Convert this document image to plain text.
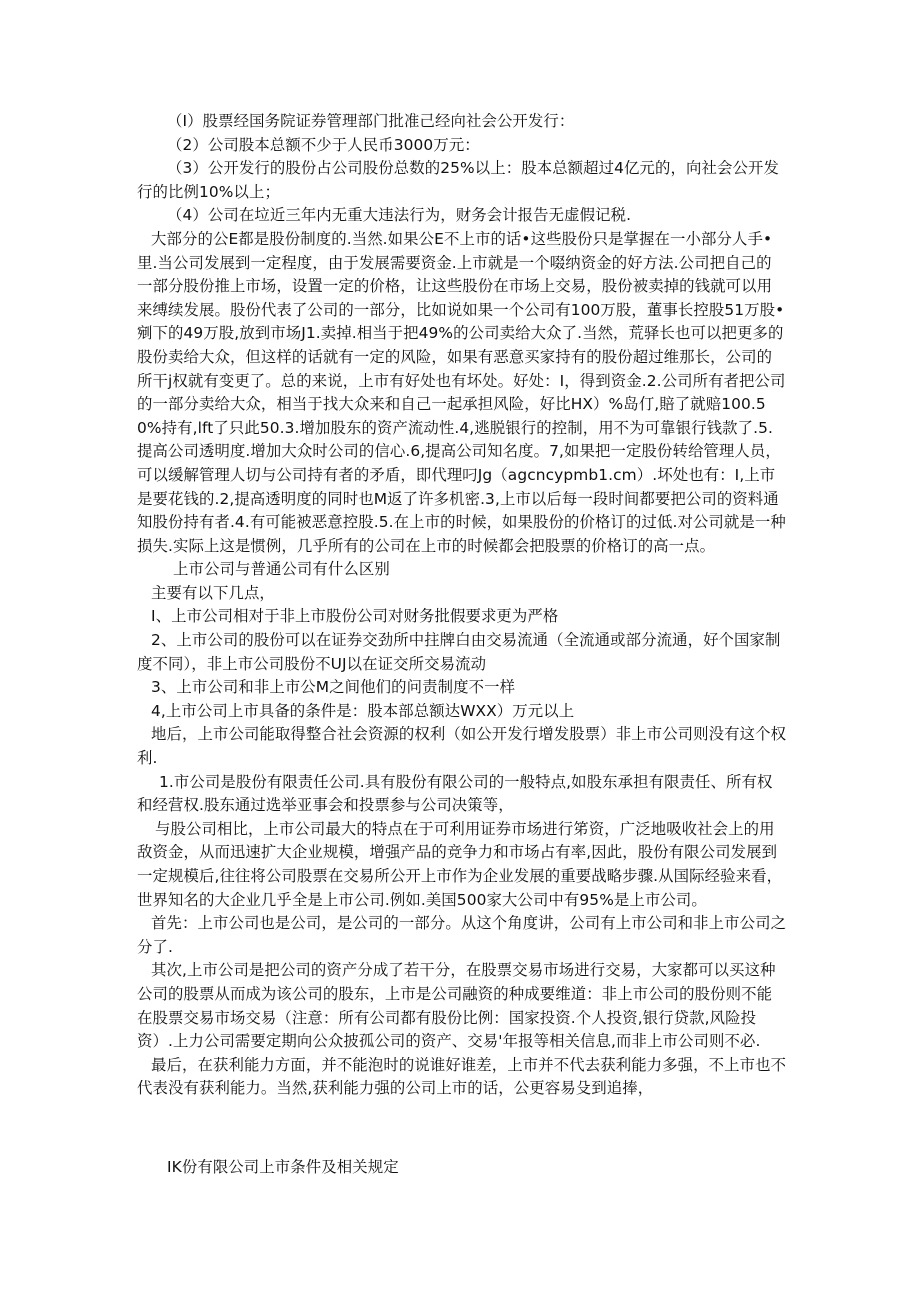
（I）股票经国务院证券管理部门批准己经向社会公开发行：

（2）公司股本总额不少于人民币3000万元：

（3）公开发行的股份占公司股份总数的25%以上：股本总额超过4亿元的，向社会公开发行的比例10%以上；

（4）公司在垃近三年内无重大违法行为，财务会计报告无虚假记税.

大部分的公E都是股份制度的.当然.如果公E不上市的话•这些股份只是掌握在一小部分人手•里.当公司发展到一定程度，由于发展需要资金.上市就是一个啜纳资金的好方法.公司把自己的一部分股份推上市场，设置一定的价格，让这些股份在市场上交易，股份被卖掉的钱就可以用来缚续发展。股份代表了公司的一部分，比如说如果一个公司有100万股，董事长控股51万股•剜下的49万股,放到市场J1.卖掉.相当于把49%的公司卖给大众了.当然，荒驿长也可以把更多的股份卖给大众，但这样的话就有一定的风险，如果有恶意买家持有的股份超过维那长，公司的所干j权就有变更了。总的来说，上市有好处也有坏处。好处：I，得到资金.2.公司所有者把公司的一部分卖给大众，相当于找大众来和自己一起承担风险，好比HX）%岛仃,賠了就赔100.50%持有,lft了只此50.3.增加股东的资产流动性.4,逃脱银行的控制，用不为可靠银行钱款了.5.提高公司透明度.增加大众时公司的信心.6,提高公司知名度。7,如果把一定股份转给管理人员，可以缓解管理人切与公司持有者的矛盾，即代理叼Jg（agcncypmb1.cm）.坏处也有：I,上市是要花钱的.2,提高透明度的同时也M返了许多机密.3,上市以后每一段时间都要把公司的资料通知股份持有者.4.有可能被恶意控股.5.在上市的时候，如果股份的价格订的过低.对公司就是一种损失.实际上这是惯例，几乎所有的公司在上市的时候都会把股票的价格订的高一点。

上市公司与普通公司有什么区别

主要有以下几点，

I、上市公司相对于非上市股份公司对财务批假要求更为严格

2、上市公司的股份可以在证券交劲所中拄牌白由交易流通（全流通或部分流通，好个国家制度不同），非上市公司股份不UJ以在证交所交易流动

3、上市公司和非上市公M之间他们的问责制度不一样

4,上市公司上市具备的条件是：股本部总额达WXX）万元以上

地后，上市公司能取得整合社会资源的权利（如公开发行增发股票）非上市公司则没有这个权利.

1.市公司是股份有限责任公司.具有股份有限公司的一般特点,如股东承担有限责任、所有权和经营权.股东通过选举亚事会和投票参与公司决策等，

与股公司相比，上市公司最大的特点在于可利用证券市场进行笫资，广泛地吸收社会上的用敌资金，从而迅速扩大企业规模，增强产品的竞争力和市场占有率,因此，股份有限公司发展到一定规模后,往往将公司股票在交易所公开上市作为企业发展的重要战略步骤.从国际经验来看，世界知名的大企业几乎全是上市公司.例如.美国500家大公司中有95%是上市公司。

首先：上市公司也是公司，是公司的一部分。从这个角度讲，公司有上市公司和非上市公司之分了.

其次,上市公司是把公司的资产分成了若干分，在股票交易市场进行交易，大家都可以买这种公司的股票从而成为该公司的股东，上市是公司融资的种成要维道：非上市公司的股份则不能在股票交易市场交易（注意：所有公司都有股份比例：国家投资.个人投资,银行贷款,风险投资）.上力公司需要定期向公众披孤公司的资产、交易'年报等相关信息,而非上市公司则不必.

最后，在获利能力方面，并不能泡时的说谁好谁差，上市并不代去获利能力多强，不上市也不代表没有获利能力。当然,获利能力强的公司上市的话，公更容易殳到追捧，

IK份有限公司上市条件及相关规定
